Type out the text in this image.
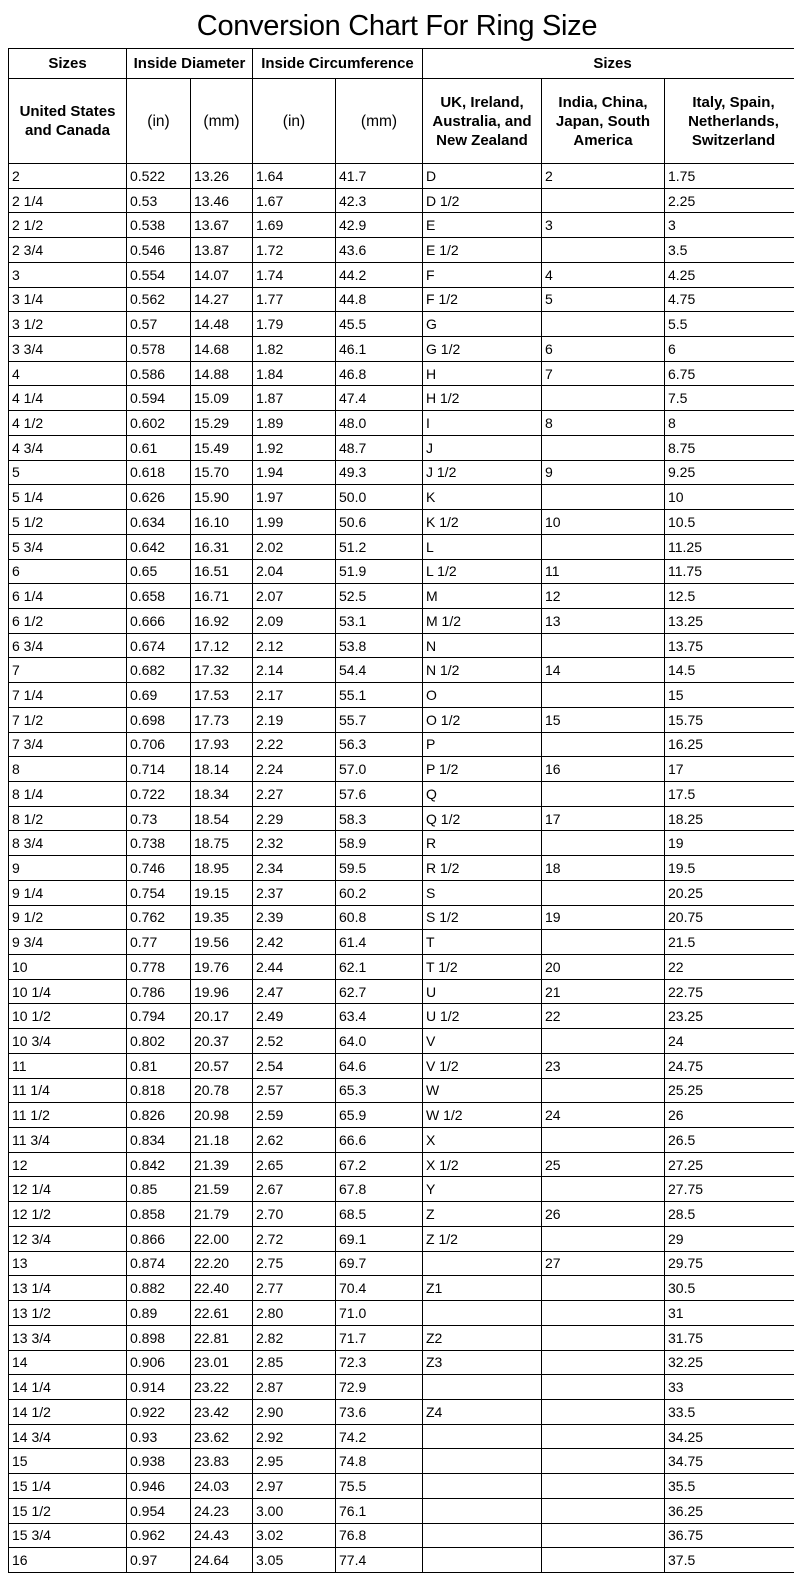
Conversion Chart For Ring Size
Sizes	Inside Diameter		Inside Circumference		Sizes		
United States and Canada	(in)	(mm)	(in)	(mm)	UK, Ireland, Australia, and New Zealand	India, China, Japan, South America	Italy, Spain, Netherlands, Switzerland
2	0.522	13.26	1.64	41.7	D	2	1.75
2 1/4	0.53	13.46	1.67	42.3	D 1/2		2.25
2 1/2	0.538	13.67	1.69	42.9	E	3	3
2 3/4	0.546	13.87	1.72	43.6	E 1/2		3.5
3	0.554	14.07	1.74	44.2	F	4	4.25
3 1/4	0.562	14.27	1.77	44.8	F 1/2	5	4.75
3 1/2	0.57	14.48	1.79	45.5	G		5.5
3 3/4	0.578	14.68	1.82	46.1	G 1/2	6	6
4	0.586	14.88	1.84	46.8	H	7	6.75
4 1/4	0.594	15.09	1.87	47.4	H 1/2		7.5
4 1/2	0.602	15.29	1.89	48.0	I	8	8
4 3/4	0.61	15.49	1.92	48.7	J		8.75
5	0.618	15.70	1.94	49.3	J 1/2	9	9.25
5 1/4	0.626	15.90	1.97	50.0	K		10
5 1/2	0.634	16.10	1.99	50.6	K 1/2	10	10.5
5 3/4	0.642	16.31	2.02	51.2	L		11.25
6	0.65	16.51	2.04	51.9	L 1/2	11	11.75
6 1/4	0.658	16.71	2.07	52.5	M	12	12.5
6 1/2	0.666	16.92	2.09	53.1	M 1/2	13	13.25
6 3/4	0.674	17.12	2.12	53.8	N		13.75
7	0.682	17.32	2.14	54.4	N 1/2	14	14.5
7 1/4	0.69	17.53	2.17	55.1	O		15
7 1/2	0.698	17.73	2.19	55.7	O 1/2	15	15.75
7 3/4	0.706	17.93	2.22	56.3	P		16.25
8	0.714	18.14	2.24	57.0	P 1/2	16	17
8 1/4	0.722	18.34	2.27	57.6	Q		17.5
8 1/2	0.73	18.54	2.29	58.3	Q 1/2	17	18.25
8 3/4	0.738	18.75	2.32	58.9	R		19
9	0.746	18.95	2.34	59.5	R 1/2	18	19.5
9 1/4	0.754	19.15	2.37	60.2	S		20.25
9 1/2	0.762	19.35	2.39	60.8	S 1/2	19	20.75
9 3/4	0.77	19.56	2.42	61.4	T		21.5
10	0.778	19.76	2.44	62.1	T 1/2	20	22
10 1/4	0.786	19.96	2.47	62.7	U	21	22.75
10 1/2	0.794	20.17	2.49	63.4	U 1/2	22	23.25
10 3/4	0.802	20.37	2.52	64.0	V		24
11	0.81	20.57	2.54	64.6	V 1/2	23	24.75
11 1/4	0.818	20.78	2.57	65.3	W		25.25
11 1/2	0.826	20.98	2.59	65.9	W 1/2	24	26
11 3/4	0.834	21.18	2.62	66.6	X		26.5
12	0.842	21.39	2.65	67.2	X 1/2	25	27.25
12 1/4	0.85	21.59	2.67	67.8	Y		27.75
12 1/2	0.858	21.79	2.70	68.5	Z	26	28.5
12 3/4	0.866	22.00	2.72	69.1	Z 1/2		29
13	0.874	22.20	2.75	69.7		27	29.75
13 1/4	0.882	22.40	2.77	70.4	Z1		30.5
13 1/2	0.89	22.61	2.80	71.0			31
13 3/4	0.898	22.81	2.82	71.7	Z2		31.75
14	0.906	23.01	2.85	72.3	Z3		32.25
14 1/4	0.914	23.22	2.87	72.9			33
14 1/2	0.922	23.42	2.90	73.6	Z4		33.5
14 3/4	0.93	23.62	2.92	74.2			34.25
15	0.938	23.83	2.95	74.8			34.75
15 1/4	0.946	24.03	2.97	75.5			35.5
15 1/2	0.954	24.23	3.00	76.1			36.25
15 3/4	0.962	24.43	3.02	76.8			36.75
16	0.97	24.64	3.05	77.4			37.5
